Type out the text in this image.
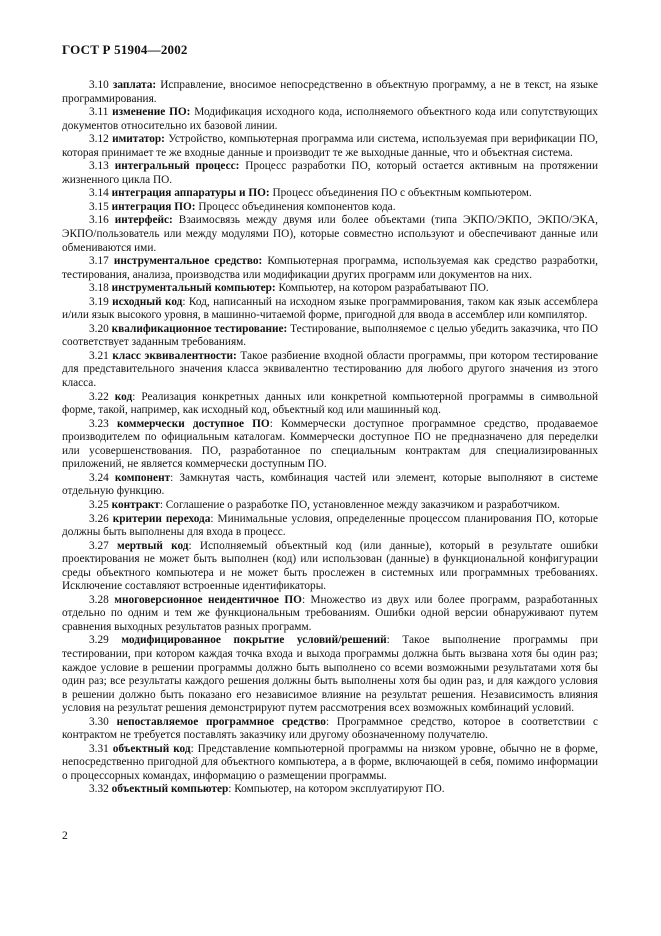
ГОСТ Р 51904—2002

3.10 заплата: Исправление, вносимое непосредственно в объектную программу, а не в текст, на языке программирования.

3.11 изменение ПО: Модификация исходного кода, исполняемого объектного кода или сопутствующих документов относительно их базовой линии.

3.12 имитатор: Устройство, компьютерная программа или система, используемая при верификации ПО, которая принимает те же входные данные и производит те же выходные данные, что и объектная система.

3.13 интегральный процесс: Процесс разработки ПО, который остается активным на протяжении жизненного цикла ПО.

3.14 интеграция аппаратуры и ПО: Процесс объединения ПО с объектным компьютером.

3.15 интеграция ПО: Процесс объединения компонентов кода.

3.16 интерфейс: Взаимосвязь между двумя или более объектами (типа ЭКПО/ЭКПО, ЭКПО/ЭКА, ЭКПО/пользователь или между модулями ПО), которые совместно используют и обеспечивают данные или обмениваются ими.

3.17 инструментальное средство: Компьютерная программа, используемая как средство разработки, тестирования, анализа, производства или модификации других программ или документов на них.

3.18 инструментальный компьютер: Компьютер, на котором разрабатывают ПО.

3.19 исходный код: Код, написанный на исходном языке программирования, таком как язык ассемблера и/или язык высокого уровня, в машинно-читаемой форме, пригодной для ввода в ассемблер или компилятор.

3.20 квалификационное тестирование: Тестирование, выполняемое с целью убедить заказчика, что ПО соответствует заданным требованиям.

3.21 класс эквивалентности: Такое разбиение входной области программы, при котором тестирование для представительного значения класса эквивалентно тестированию для любого другого значения из этого класса.

3.22 код: Реализация конкретных данных или конкретной компьютерной программы в символьной форме, такой, например, как исходный код, объектный код или машинный код.

3.23 коммерчески доступное ПО: Коммерчески доступное программное средство, продаваемое производителем по официальным каталогам. Коммерчески доступное ПО не предназначено для переделки или усовершенствования. ПО, разработанное по специальным контрактам для специализированных приложений, не является коммерчески доступным ПО.

3.24 компонент: Замкнутая часть, комбинация частей или элемент, которые выполняют в системе отдельную функцию.

3.25 контракт: Соглашение о разработке ПО, установленное между заказчиком и разработчиком.

3.26 критерии перехода: Минимальные условия, определенные процессом планирования ПО, которые должны быть выполнены для входа в процесс.

3.27 мертвый код: Исполняемый объектный код (или данные), который в результате ошибки проектирования не может быть выполнен (код) или использован (данные) в функциональной конфигурации среды объектного компьютера и не может быть прослежен в системных или программных требованиях. Исключение составляют встроенные идентификаторы.

3.28 многоверсионное неидентичное ПО: Множество из двух или более программ, разработанных отдельно по одним и тем же функциональным требованиям. Ошибки одной версии обнаруживают путем сравнения выходных результатов разных программ.

3.29 модифицированное покрытие условий/решений: Такое выполнение программы при тестировании, при котором каждая точка входа и выхода программы должна быть вызвана хотя бы один раз; каждое условие в решении программы должно быть выполнено со всеми возможными результатами хотя бы один раз; все результаты каждого решения должны быть выполнены хотя бы один раз, и для каждого условия в решении должно быть показано его независимое влияние на результат решения. Независимость влияния условия на результат решения демонстрируют путем рассмотрения всех возможных комбинаций условий.

3.30 непоставляемое программное средство: Программное средство, которое в соответствии с контрактом не требуется поставлять заказчику или другому обозначенному получателю.

3.31 объектный код: Представление компьютерной программы на низком уровне, обычно не в форме, непосредственно пригодной для объектного компьютера, а в форме, включающей в себя, помимо информации о процессорных командах, информацию о размещении программы.

3.32 объектный компьютер: Компьютер, на котором эксплуатируют ПО.

2
